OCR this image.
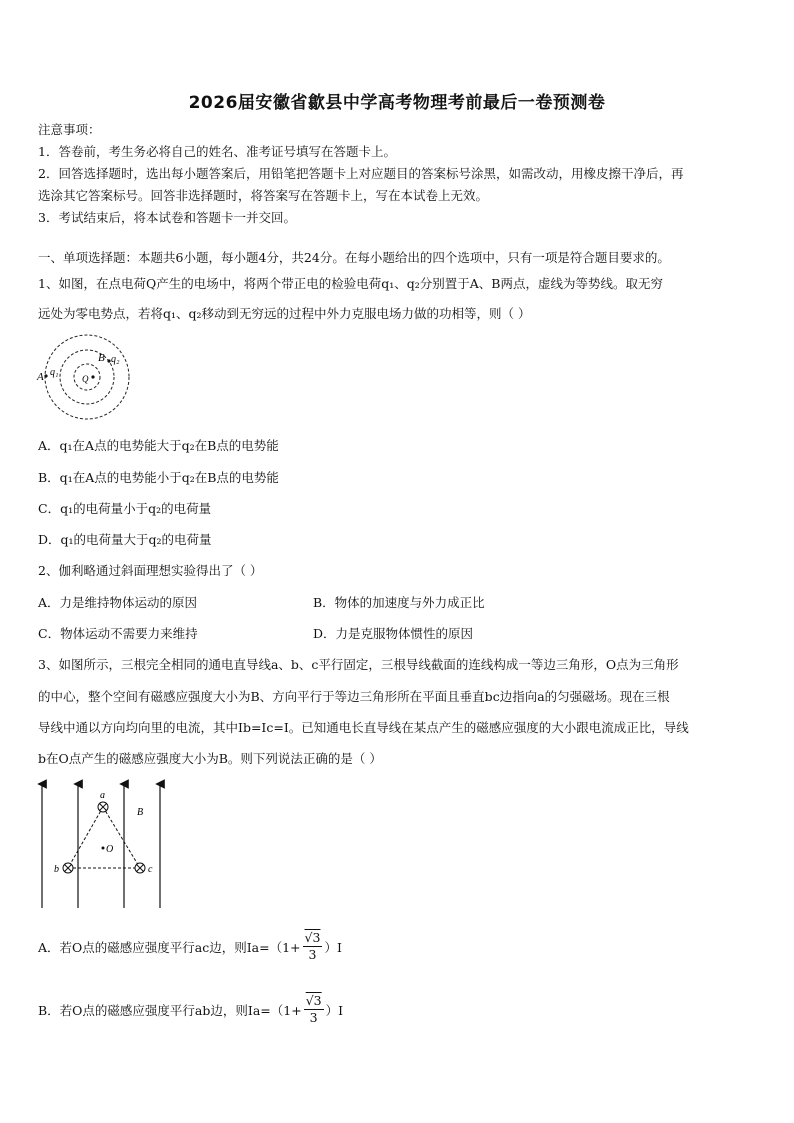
2026届安徽省歙县中学高考物理考前最后一卷预测卷
注意事项：
1．答卷前，考生务必将自己的姓名、准考证号填写在答题卡上。
2．回答选择题时，选出每小题答案后，用铅笔把答题卡上对应题目的答案标号涂黑，如需改动，用橡皮擦干净后，再
选涂其它答案标号。回答非选择题时，将答案写在答题卡上，写在本试卷上无效。
3．考试结束后，将本试卷和答题卡一并交回。
一、单项选择题：本题共6小题，每小题4分，共24分。在每小题给出的四个选项中，只有一项是符合题目要求的。
1、如图，在点电荷Q产生的电场中，将两个带正电的检验电荷q₁、q₂分别置于A、B两点，虚线为等势线。取无穷
远处为零电势点，若将q₁、q₂移动到无穷远的过程中外力克服电场力做的功相等，则（ ）
A q₁
B q₂
Q
A．q₁在A点的电势能大于q₂在B点的电势能
B．q₁在A点的电势能小于q₂在B点的电势能
C．q₁的电荷量小于q₂的电荷量
D．q₁的电荷量大于q₂的电荷量
2、伽利略通过斜面理想实验得出了（ ）
A．力是维持物体运动的原因	B．物体的加速度与外力成正比
C．物体运动不需要力来维持	D．力是克服物体惯性的原因
3、如图所示，三根完全相同的通电直导线a、b、c平行固定，三根导线截面的连线构成一等边三角形，O点为三角形
的中心，整个空间有磁感应强度大小为B、方向平行于等边三角形所在平面且垂直bc边指向a的匀强磁场。现在三根
导线中通以方向均向里的电流，其中Ib=Ic=I。已知通电长直导线在某点产生的磁感应强度的大小跟电流成正比，导线
b在O点产生的磁感应强度大小为B。则下列说法正确的是（ ）
a
b	c
O
B
A．若O点的磁感应强度平行ac边，则$Ia=(1+ \frac{√3}{3} )I$
B．若O点的磁感应强度平行ab边，则$Ia=(1+ \frac{√3}{3} )I$
